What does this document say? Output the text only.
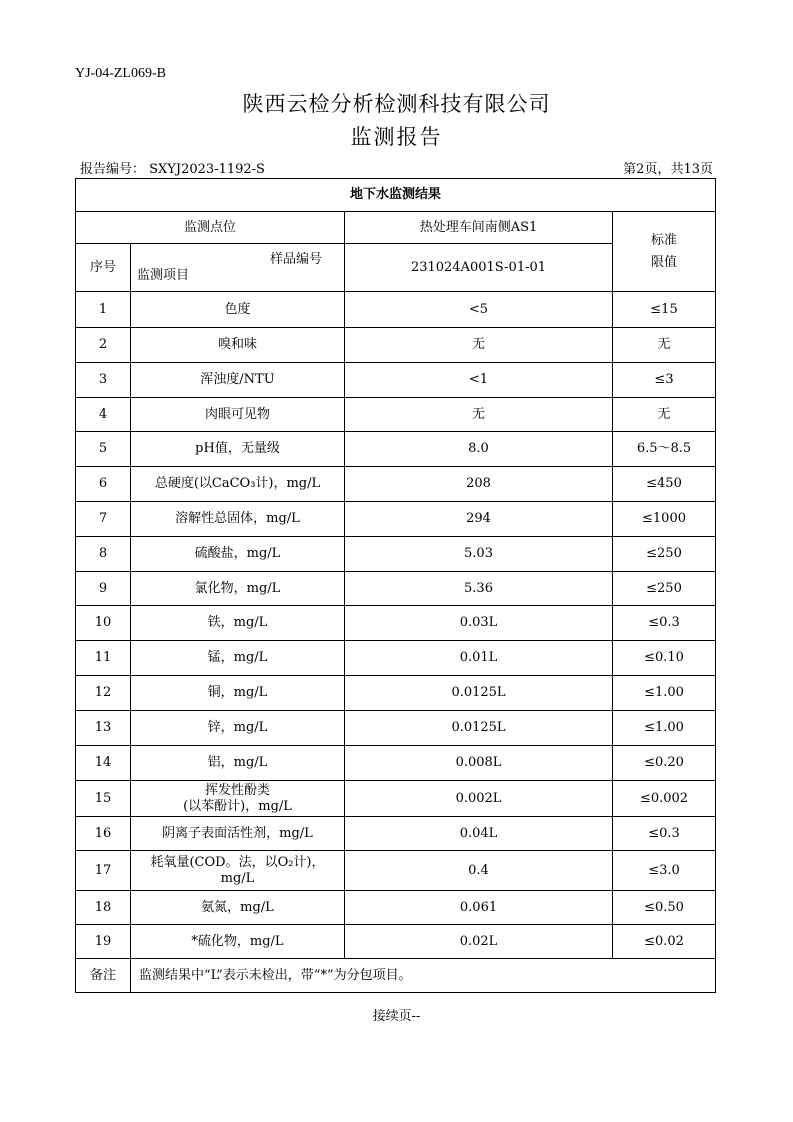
YJ-04-ZL069-B
陕西云检分析检测科技有限公司
监测报告
报告编号： SXYJ2023-1192-S	第2页，共13页
地下水监测结果			
监测点位		热处理车间南侧AS1	标准限值

序号	样品编号
监测项目	231024A001S-01-01	
1	色度	<5	≤15
2	嗅和味	无	无
3	浑浊度/NTU	<1	≤3
4	肉眼可见物	无	无
5	pH值，无量级	8.0	6.5～8.5
6	总硬度(以CaCO₃计)，mg/L	208	≤450
7	溶解性总固体，mg/L	294	≤1000
8	硫酸盐，mg/L	5.03	≤250
9	氯化物，mg/L	5.36	≤250
10	铁，mg/L	0.03L	≤0.3
11	锰，mg/L	0.01L	≤0.10
12	铜，mg/L	0.0125L	≤1.00
13	锌，mg/L	0.0125L	≤1.00
14	铝，mg/L	0.008L	≤0.20
15	挥发性酚类
(以苯酚计)，mg/L	0.002L	≤0.002
16	阴离子表面活性剂，mg/L	0.04L	≤0.3
17	耗氧量(COD。法，以O₂计)，
mg/L	0.4	≤3.0
18	氨氮，mg/L	0.061	≤0.50
19	*硫化物，mg/L	0.02L	≤0.02
备注	监测结果中“L”表示未检出，带“*”为分包项目。		
接续页--
